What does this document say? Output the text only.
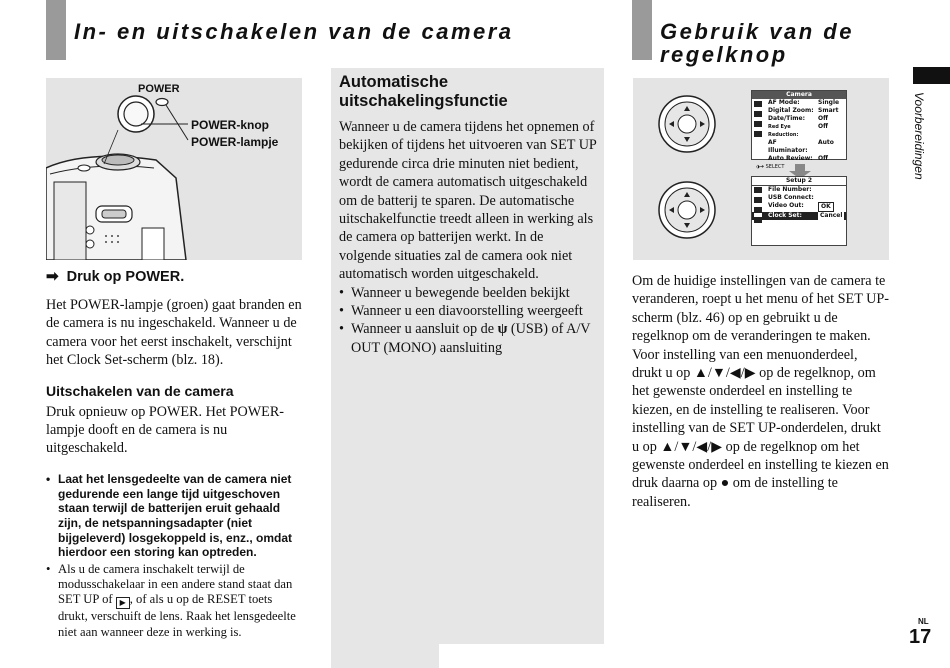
In- en uitschakelen van de camera	Gebruik van de regelknop
POWER
POWER-knop
POWER-lampje
➡ Druk op POWER.

Het POWER-lampje (groen) gaat branden en de camera is nu ingeschakeld. Wanneer u de camera voor het eerst inschakelt, verschijnt het Clock Set-scherm (blz. 18).

Uitschakelen van de camera

Druk opnieuw op POWER. Het POWER-lampje dooft en de camera is nu uitgeschakeld.

• Laat het lensgedeelte van de camera niet gedurende een lange tijd uitgeschoven staan terwijl de batterijen eruit gehaald zijn, de netspanningsadapter (niet bijgeleverd) losgekoppeld is, enz., omdat hierdoor een storing kan optreden.
• Als u de camera inschakelt terwijl de modusschakelaar in een andere stand staat dan SET UP of ▶ , of als u op de RESET toets drukt, verschuift de lens. Raak het lensgedeelte niet aan wanneer deze in werking is.
Automatische uitschakelingsfunctie

Wanneer u de camera tijdens het opnemen of bekijken of tijdens het uitvoeren van SET UP gedurende circa drie minuten niet bedient, wordt de camera automatisch uitgeschakeld om de batterij te sparen. De automatische uitschakelfunctie treedt alleen in werking als de camera op batterijen werkt. In de volgende situaties zal de camera ook niet automatisch worden uitgeschakeld.

• Wanneer u bewegende beelden bekijkt
• Wanneer u een diavoorstelling weergeeft
• Wanneer u aansluit op de ψ (USB) of A/V OUT (MONO) aansluiting
Camera
AF Mode:	Single
Digital Zoom: Smart
Date/Time:	Off
Red Eye Reduction:
Off
AF Illuminator:
Auto
Auto Review: Off
⬗➔ SELECT
Setup 2
File Number:
USB Connect:
Video Out:	OK
Clock Set:	Cancel

Om de huidige instellingen van de camera te veranderen, roept u het menu of het SET UP-scherm (blz. 46) op en gebruikt u de regelknop om de veranderingen te maken. Voor instelling van een menuonderdeel, drukt u op ▲/▼/◀/▶ op de regelknop, om het gewenste onderdeel en instelling te kiezen, en de instelling te realiseren. Voor instelling van de SET UP-onderdelen, drukt u op ▲/▼/◀/▶ op de regelknop om het gewenste onderdeel en instelling te kiezen en druk daarna op ● om de instelling te realiseren.

Voorbereidingen
NL
17
